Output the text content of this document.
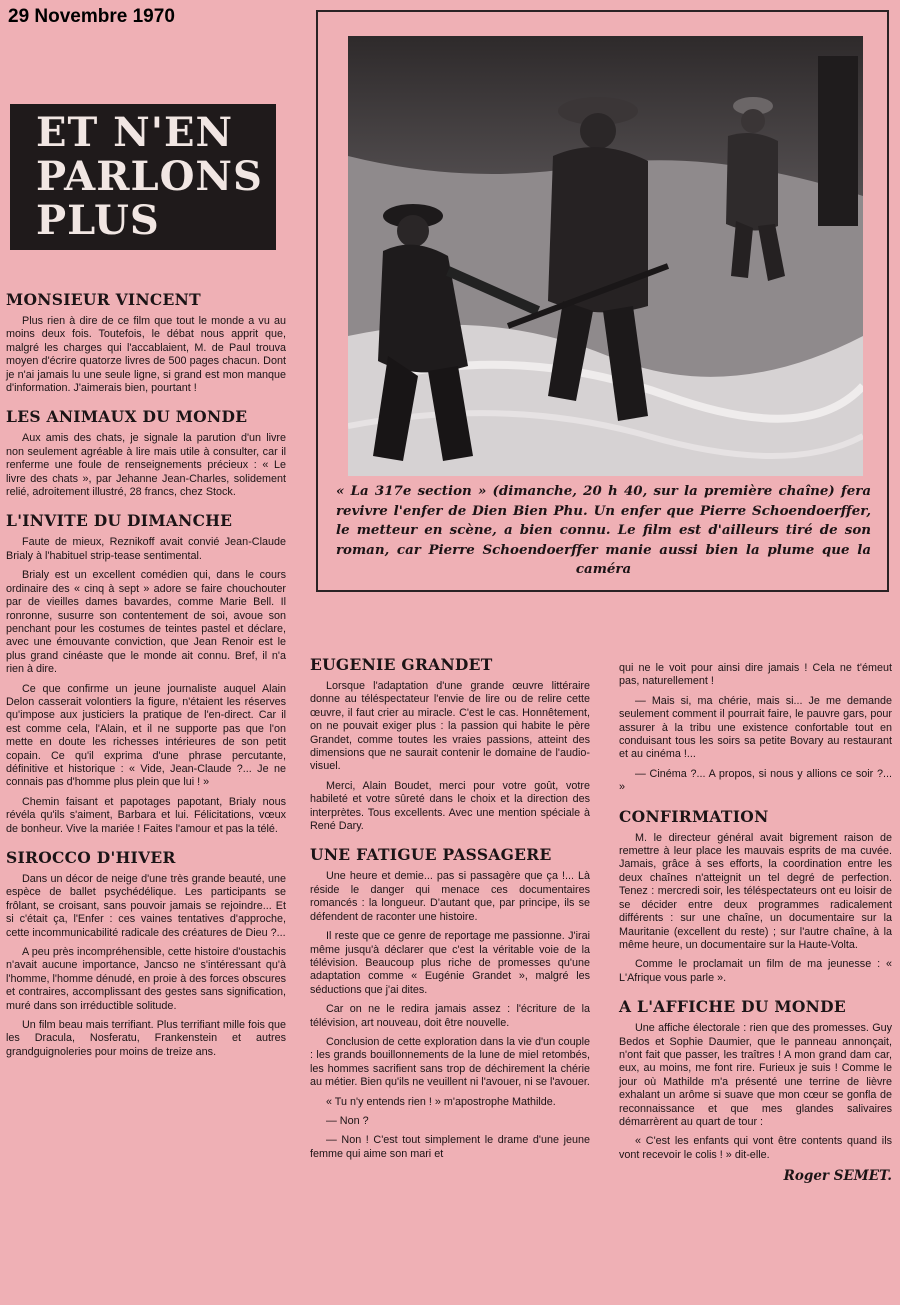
29 Novembre 1970
ET N'EN
PARLONS
PLUS
« La 317e section » (dimanche, 20 h 40, sur la première chaîne) fera revivre l'enfer de Dien Bien Phu. Un enfer que Pierre Schoendoerffer, le metteur en scène, a bien connu. Le film est d'ailleurs tiré de son roman, car Pierre Schoendoerffer manie aussi bien la plume que la caméra
MONSIEUR VINCENT

Plus rien à dire de ce film que tout le monde a vu au moins deux fois. Toutefois, le débat nous apprit que, malgré les charges qui l'accablaient, M. de Paul trouva moyen d'écrire quatorze livres de 500 pages chacun. Dont je n'ai jamais lu une seule ligne, si grand est mon manque d'information. J'aimerais bien, pourtant !

LES ANIMAUX DU MONDE

Aux amis des chats, je signale la parution d'un livre non seulement agréable à lire mais utile à consulter, car il renferme une foule de renseignements précieux : « Le livre des chats », par Jehanne Jean-Charles, solidement relié, adroitement illustré, 28 francs, chez Stock.

L'INVITE DU DIMANCHE

Faute de mieux, Reznikoff avait convié Jean-Claude Brialy à l'habituel strip-tease sentimental.

Brialy est un excellent comédien qui, dans le cours ordinaire des « cinq à sept » adore se faire chouchouter par de vieilles dames bavardes, comme Marie Bell. Il ronronne, susurre son contentement de soi, avoue son penchant pour les costumes de teintes pastel et déclare, avec une émouvante conviction, que Jean Renoir est le plus grand cinéaste que le monde ait connu. Bref, il n'a rien à dire.

Ce que confirme un jeune journaliste auquel Alain Delon casserait volontiers la figure, n'étaient les réserves qu'impose aux justiciers la pratique de l'en-direct. Car il est comme cela, l'Alain, et il ne supporte pas que l'on mette en doute les richesses intérieures de son petit copain. Ce qu'il exprima d'une phrase percutante, définitive et historique : « Vide, Jean-Claude ?... Je ne connais pas d'homme plus plein que lui ! »

Chemin faisant et papotages papotant, Brialy nous révéla qu'ils s'aiment, Barbara et lui. Félicitations, vœux de bonheur. Vive la mariée ! Faites l'amour et pas la télé.

SIROCCO D'HIVER

Dans un décor de neige d'une très grande beauté, une espèce de ballet psychédélique. Les participants se frôlant, se croisant, sans pouvoir jamais se rejoindre... Et si c'était ça, l'Enfer : ces vaines tentatives d'approche, cette incommunicabilité radicale des créatures de Dieu ?...

A peu près incompréhensible, cette histoire d'oustachis n'avait aucune importance, Jancso ne s'intéressant qu'à l'homme, l'homme dénudé, en proie à des forces obscures et contraires, accomplissant des gestes sans signification, muré dans son irréductible solitude.

Un film beau mais terrifiant. Plus terrifiant mille fois que les Dracula, Nosferatu, Frankenstein et autres grandguignoleries pour moins de treize ans.

EUGENIE GRANDET

Lorsque l'adaptation d'une grande œuvre littéraire donne au téléspectateur l'envie de lire ou de relire cette œuvre, il faut crier au miracle. C'est le cas. Honnêtement, on ne pouvait exiger plus : la passion qui habite le père Grandet, comme toutes les vraies passions, atteint des dimensions que ne saurait contenir le domaine de l'audio-visuel.

Merci, Alain Boudet, merci pour votre goût, votre habileté et votre sûreté dans le choix et la direction des interprètes. Tous excellents. Avec une mention spéciale à René Dary.

UNE FATIGUE PASSAGERE

Une heure et demie... pas si passagère que ça !... Là réside le danger qui menace ces documentaires romancés : la longueur. D'autant que, par principe, ils se défendent de raconter une histoire.

Il reste que ce genre de reportage me passionne. J'irai même jusqu'à déclarer que c'est la véritable voie de la télévision. Beaucoup plus riche de promesses qu'une adaptation comme « Eugénie Grandet », malgré les séductions que j'ai dites.

Car on ne le redira jamais assez : l'écriture de la télévision, art nouveau, doit être nouvelle.

Conclusion de cette exploration dans la vie d'un couple : les grands bouillonnements de la lune de miel retombés, les hommes sacrifient sans trop de déchirement la chérie au métier. Bien qu'ils ne veuillent ni l'avouer, ni se l'avouer.

« Tu n'y entends rien ! » m'apostrophe Mathilde.

— Non ?

— Non ! C'est tout simplement le drame d'une jeune femme qui aime son mari et

qui ne le voit pour ainsi dire jamais ! Cela ne t'émeut pas, naturellement !

— Mais si, ma chérie, mais si... Je me demande seulement comment il pourrait faire, le pauvre gars, pour assurer à la tribu une existence confortable tout en conduisant tous les soirs sa petite Bovary au restaurant et au cinéma !...

— Cinéma ?... A propos, si nous y allions ce soir ?... »

CONFIRMATION

M. le directeur général avait bigrement raison de remettre à leur place les mauvais esprits de ma cuvée. Jamais, grâce à ses efforts, la coordination entre les deux chaînes n'atteignit un tel degré de perfection. Tenez : mercredi soir, les téléspectateurs ont eu loisir de se décider entre deux programmes radicalement différents : sur une chaîne, un documentaire sur la Mauritanie (excellent du reste) ; sur l'autre chaîne, à la même heure, un documentaire sur la Haute-Volta.

Comme le proclamait un film de ma jeunesse : « L'Afrique vous parle ».

A L'AFFICHE DU MONDE

Une affiche électorale : rien que des promesses. Guy Bedos et Sophie Daumier, que le panneau annonçait, n'ont fait que passer, les traîtres ! A mon grand dam car, eux, au moins, me font rire. Furieux je suis ! Comme le jour où Mathilde m'a présenté une terrine de lièvre exhalant un arôme si suave que mon cœur se gonfla de reconnaissance et que mes glandes salivaires démarrèrent au quart de tour :

« C'est les enfants qui vont être contents quand ils vont recevoir le colis ! » dit-elle.

Roger SEMET.
